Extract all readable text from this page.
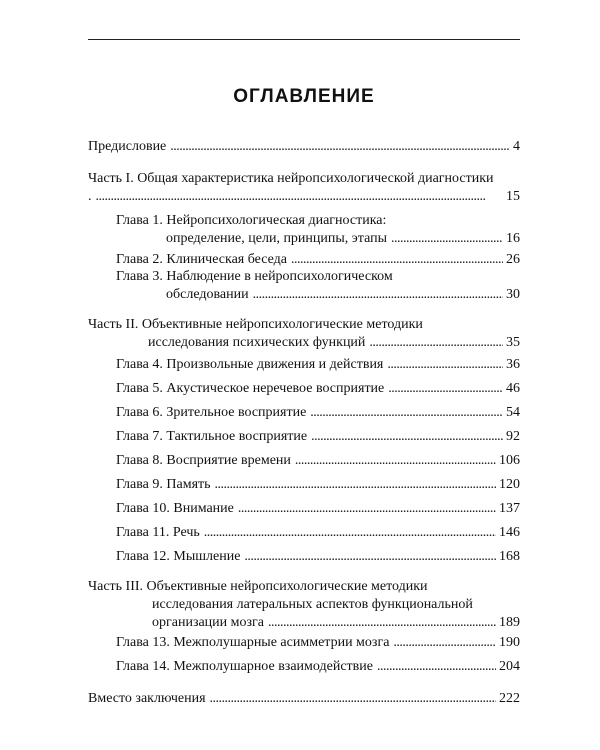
ОГЛАВЛЕНИЕ
Предисловие . . .	4
Часть I. Общая характеристика нейропсихологической диагностики
. . . .	15
Глава 1. Нейропсихологическая диагностика:
определение, цели, принципы, этапы . . .	16
Глава 2. Клиническая беседа . . .	26
Глава 3. Наблюдение в нейропсихологическом
обследовании . . .	30
Часть II. Объективные нейропсихологические методики
исследования психических функций . . .	35
Глава 4. Произвольные движения и действия . . .	36
Глава 5. Акустическое неречевое восприятие . . .	46
Глава 6. Зрительное восприятие . . .	54
Глава 7. Тактильное восприятие . . .	92
Глава 8. Восприятие времени . . .	106
Глава 9. Память . . .	120
Глава 10. Внимание . . .	137
Глава 11. Речь . . .	146
Глава 12. Мышление . . .	168
Часть III. Объективные нейропсихологические методики
исследования латеральных аспектов функциональной
организации мозга . . .	189
Глава 13. Межполушарные асимметрии мозга . . .	190
Глава 14. Межполушарное взаимодействие . . .	204
Вместо заключения . . .	222
